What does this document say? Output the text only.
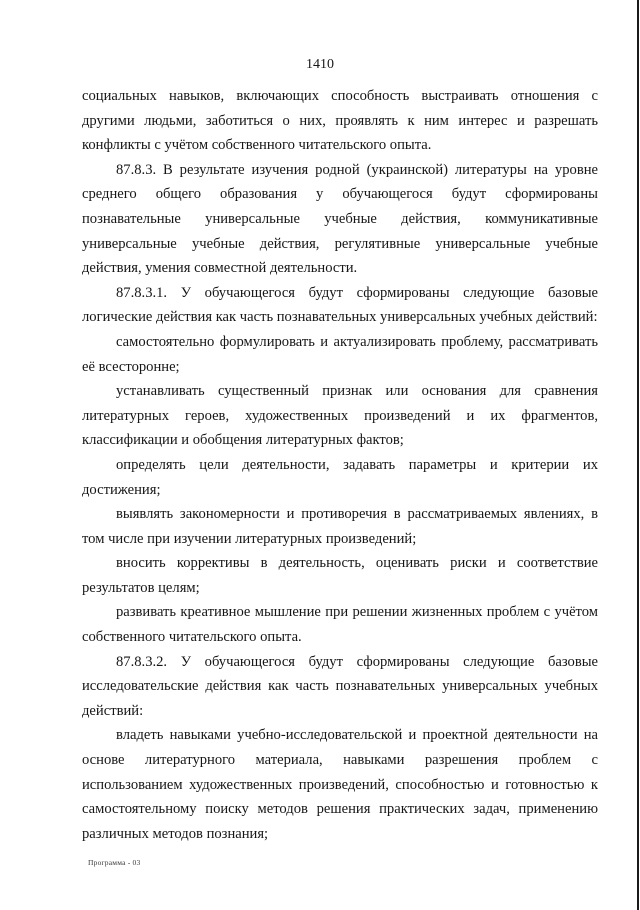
1410

социальных навыков, включающих способность выстраивать отношения с другими людьми, заботиться о них, проявлять к ним интерес и разрешать конфликты с учётом собственного читательского опыта.

87.8.3. В результате изучения родной (украинской) литературы на уровне среднего общего образования у обучающегося будут сформированы познавательные универсальные учебные действия, коммуникативные универсальные учебные действия, регулятивные универсальные учебные действия, умения совместной деятельности.

87.8.3.1. У обучающегося будут сформированы следующие базовые логические действия как часть познавательных универсальных учебных действий:

самостоятельно формулировать и актуализировать проблему, рассматривать её всесторонне;

устанавливать существенный признак или основания для сравнения литературных героев, художественных произведений и их фрагментов, классификации и обобщения литературных фактов;

определять цели деятельности, задавать параметры и критерии их достижения;

выявлять закономерности и противоречия в рассматриваемых явлениях, в том числе при изучении литературных произведений;

вносить коррективы в деятельность, оценивать риски и соответствие результатов целям;

развивать креативное мышление при решении жизненных проблем с учётом собственного читательского опыта.

87.8.3.2. У обучающегося будут сформированы следующие базовые исследовательские действия как часть познавательных универсальных учебных действий:

владеть навыками учебно-исследовательской и проектной деятельности на основе литературного материала, навыками разрешения проблем с использованием художественных произведений, способностью и готовностью к самостоятельному поиску методов решения практических задач, применению различных методов познания;

Программа - 03
